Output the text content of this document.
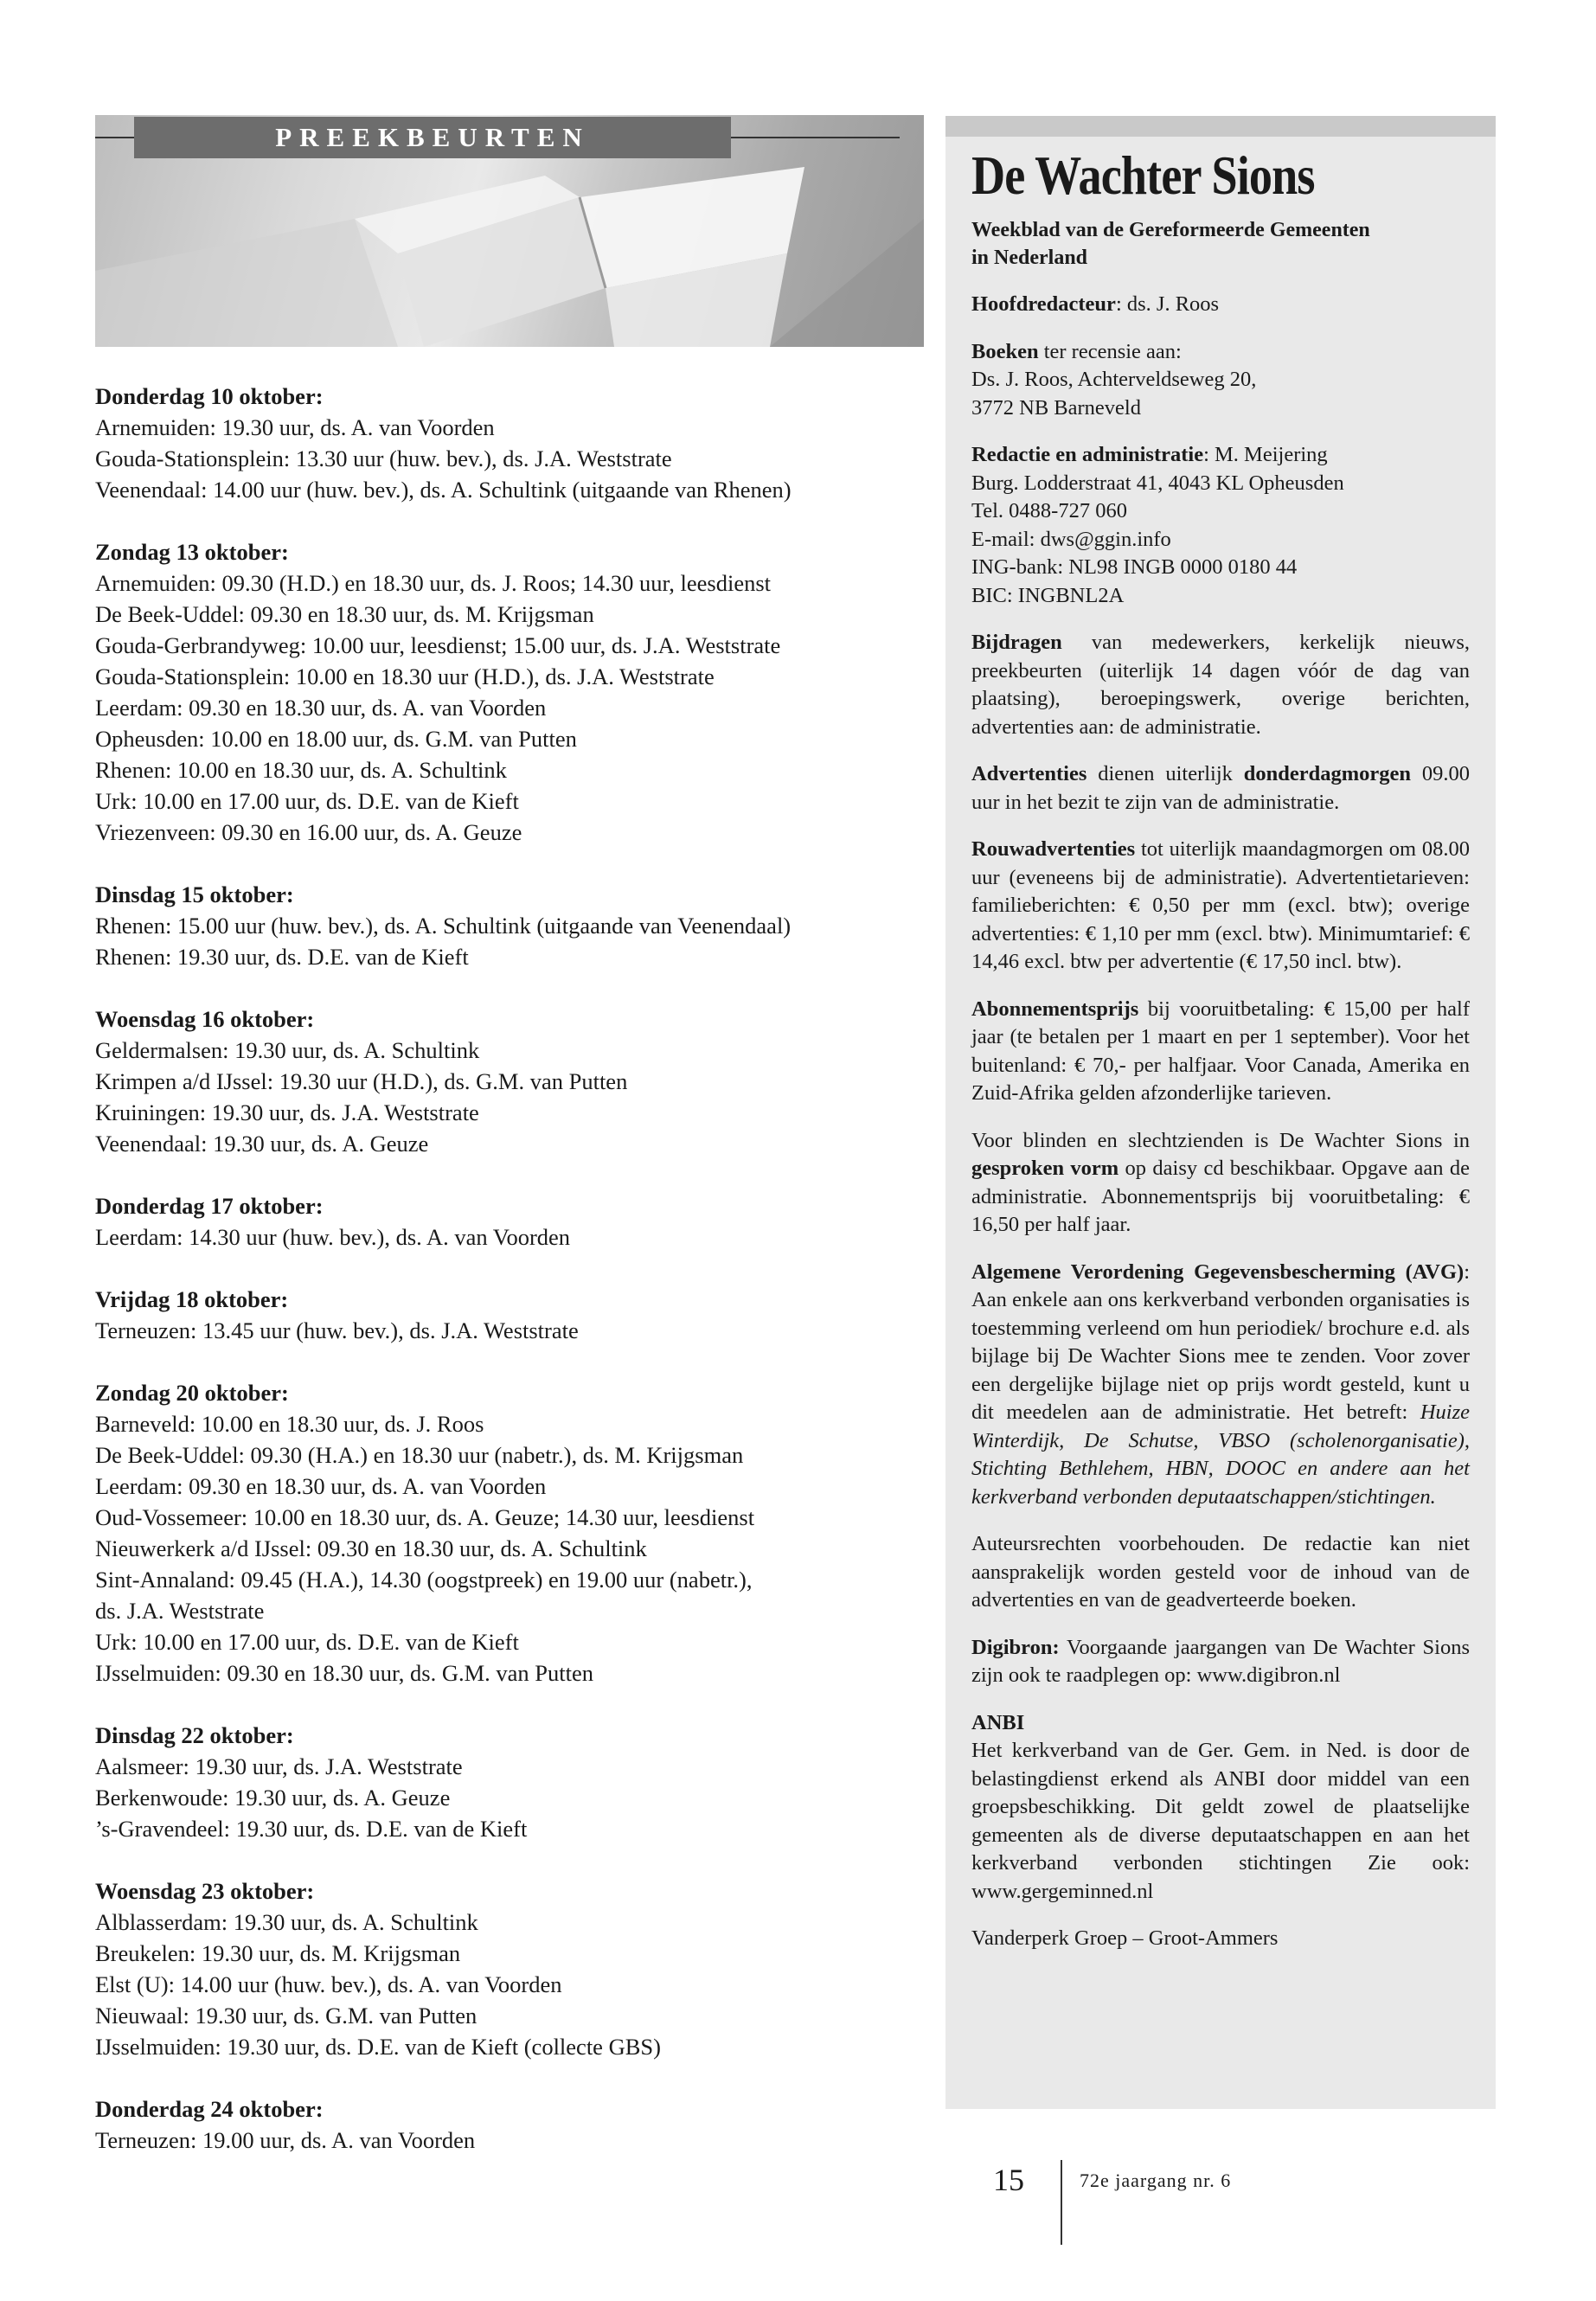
PREEKBEURTEN
Donderdag 10 oktober:
Arnemuiden: 19.30 uur, ds. A. van Voorden
Gouda-Stationsplein: 13.30 uur (huw. bev.), ds. J.A. Weststrate
Veenendaal: 14.00 uur (huw. bev.), ds. A. Schultink (uitgaande van Rhenen)
Zondag 13 oktober:
Arnemuiden: 09.30 (H.D.) en 18.30 uur, ds. J. Roos; 14.30 uur, leesdienst
De Beek-Uddel: 09.30 en 18.30 uur, ds. M. Krijgsman
Gouda-Gerbrandyweg: 10.00 uur, leesdienst; 15.00 uur, ds. J.A. Weststrate
Gouda-Stationsplein: 10.00 en 18.30 uur (H.D.), ds. J.A. Weststrate
Leerdam: 09.30 en 18.30 uur, ds. A. van Voorden
Opheusden: 10.00 en 18.00 uur, ds. G.M. van Putten
Rhenen: 10.00 en 18.30 uur, ds. A. Schultink
Urk: 10.00 en 17.00 uur, ds. D.E. van de Kieft
Vriezenveen: 09.30 en 16.00 uur, ds. A. Geuze
Dinsdag 15 oktober:
Rhenen: 15.00 uur (huw. bev.), ds. A. Schultink (uitgaande van Veenendaal)
Rhenen: 19.30 uur, ds. D.E. van de Kieft
Woensdag 16 oktober:
Geldermalsen: 19.30 uur, ds. A. Schultink
Krimpen a/d IJssel: 19.30 uur (H.D.), ds. G.M. van Putten
Kruiningen: 19.30 uur, ds. J.A. Weststrate
Veenendaal: 19.30 uur, ds. A. Geuze
Donderdag 17 oktober:
Leerdam: 14.30 uur (huw. bev.), ds. A. van Voorden
Vrijdag 18 oktober:
Terneuzen: 13.45 uur (huw. bev.), ds. J.A. Weststrate
Zondag 20 oktober:
Barneveld: 10.00 en 18.30 uur, ds. J. Roos
De Beek-Uddel: 09.30 (H.A.) en 18.30 uur (nabetr.), ds. M. Krijgsman
Leerdam: 09.30 en 18.30 uur, ds. A. van Voorden
Oud-Vossemeer: 10.00 en 18.30 uur, ds. A. Geuze; 14.30 uur, leesdienst
Nieuwerkerk a/d IJssel: 09.30 en 18.30 uur, ds. A. Schultink
Sint-Annaland: 09.45 (H.A.), 14.30 (oogstpreek) en 19.00 uur (nabetr.),
ds. J.A. Weststrate
Urk: 10.00 en 17.00 uur, ds. D.E. van de Kieft
IJsselmuiden: 09.30 en 18.30 uur, ds. G.M. van Putten
Dinsdag 22 oktober:
Aalsmeer: 19.30 uur, ds. J.A. Weststrate
Berkenwoude: 19.30 uur, ds. A. Geuze
’s-Gravendeel: 19.30 uur, ds. D.E. van de Kieft
Woensdag 23 oktober:
Alblasserdam: 19.30 uur, ds. A. Schultink
Breukelen: 19.30 uur, ds. M. Krijgsman
Elst (U): 14.00 uur (huw. bev.), ds. A. van Voorden
Nieuwaal: 19.30 uur, ds. G.M. van Putten
IJsselmuiden: 19.30 uur, ds. D.E. van de Kieft (collecte GBS)
Donderdag 24 oktober:
Terneuzen: 19.00 uur, ds. A. van Voorden
De Wachter Sions
Weekblad van de Gereformeerde Gemeenten
in Nederland
Hoofdredacteur: ds. J. Roos
Boeken ter recensie aan:
Ds. J. Roos, Achterveldseweg 20,
3772 NB Barneveld
Redactie en administratie: M. Meijering
Burg. Lodderstraat 41, 4043 KL Opheusden
Tel. 0488-727 060
E-mail: dws@ggin.info
ING-bank: NL98 INGB 0000 0180 44
BIC: INGBNL2A
Bijdragen van medewerkers, kerkelijk nieuws, preekbeurten (uiterlijk 14 dagen vóór de dag van plaatsing), beroepingswerk, overige berichten, advertenties aan: de administratie.
Advertenties dienen uiterlijk donderdagmorgen 09.00 uur in het bezit te zijn van de administratie.
Rouwadvertenties tot uiterlijk maandagmorgen om 08.00 uur (eveneens bij de administratie). Advertentietarieven: familieberichten: € 0,50 per mm (excl. btw); overige advertenties: € 1,10 per mm (excl. btw). Minimumtarief: € 14,46 excl. btw per advertentie (€ 17,50 incl. btw).
Abonnementsprijs bij vooruitbetaling: € 15,00 per half jaar (te betalen per 1 maart en per 1 september). Voor het buitenland: € 70,- per halfjaar. Voor Canada, Amerika en Zuid-Afrika gelden afzonderlijke tarieven.
Voor blinden en slechtzienden is De Wachter Sions in gesproken vorm op daisy cd beschikbaar. Opgave aan de administratie. Abonnementsprijs bij vooruitbetaling: € 16,50 per half jaar.
Algemene Verordening Gegevensbescherming (AVG): Aan enkele aan ons kerkverband verbonden organisaties is toestemming verleend om hun periodiek/ brochure e.d. als bijlage bij De Wachter Sions mee te zenden. Voor zover een dergelijke bijlage niet op prijs wordt gesteld, kunt u dit meedelen aan de administratie. Het betreft: Huize Winterdijk, De Schutse, VBSO (scholenorganisatie), Stichting Bethlehem, HBN, DOOC en andere aan het kerkverband verbonden deputaatschappen/stichtingen.
Auteursrechten voorbehouden. De redactie kan niet aansprakelijk worden gesteld voor de inhoud van de advertenties en van de geadverteerde boeken.
Digibron: Voorgaande jaargangen van De Wachter Sions zijn ook te raadplegen op: www.digibron.nl
ANBI
Het kerkverband van de Ger. Gem. in Ned. is door de belastingdienst erkend als ANBI door middel van een groepsbeschikking. Dit geldt zowel de plaatselijke gemeenten als de diverse deputaatschappen en aan het kerkverband verbonden stichtingen Zie ook: www.gergeminned.nl
Vanderperk Groep – Groot-Ammers
15	72e jaargang nr. 6
